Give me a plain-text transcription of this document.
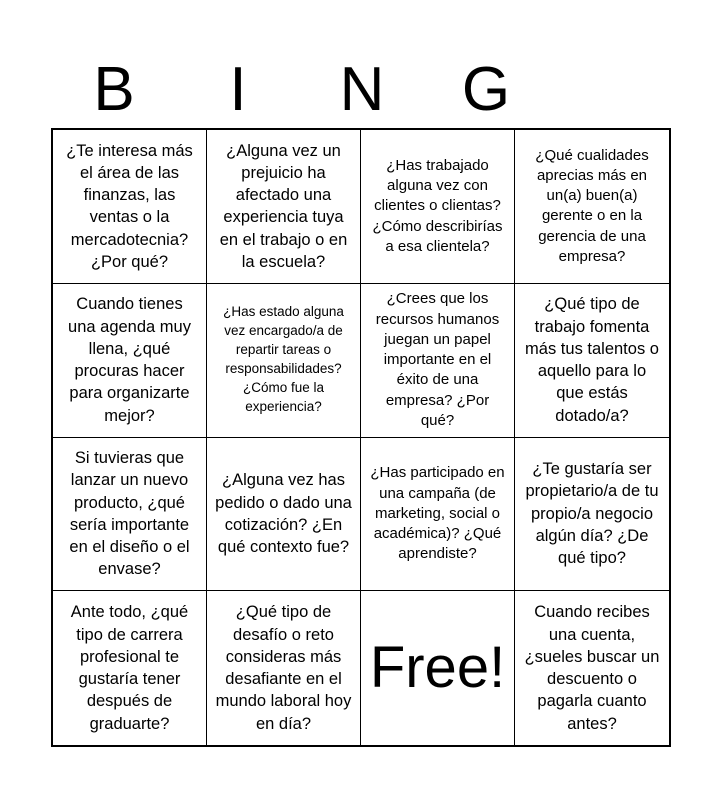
B	I	N	G
¿Te interesa más el área de las finanzas, las ventas o la mercadotecnia? ¿Por qué?
¿Alguna vez un prejuicio ha afectado una experiencia tuya en el trabajo o en la escuela?
¿Has trabajado alguna vez con clientes o clientas? ¿Cómo describirías a esa clientela?
¿Qué cualidades aprecias más en un(a) buen(a) gerente o en la gerencia de una empresa?
Cuando tienes una agenda muy llena, ¿qué procuras hacer para organizarte mejor?
¿Has estado alguna vez encargado/a de repartir tareas o responsabilidades? ¿Cómo fue la experiencia?
¿Crees que los recursos humanos juegan un papel importante en el éxito de una empresa? ¿Por qué?
¿Qué tipo de trabajo fomenta más tus talentos o aquello para lo que estás dotado/a?
Si tuvieras que lanzar un nuevo producto, ¿qué sería importante en el diseño o el envase?
¿Alguna vez has pedido o dado una cotización? ¿En qué contexto fue?
¿Has participado en una campaña (de marketing, social o académica)? ¿Qué aprendiste?
¿Te gustaría ser propietario/a de tu propio/a negocio algún día? ¿De qué tipo?
Ante todo, ¿qué tipo de carrera profesional te gustaría tener después de graduarte?
¿Qué tipo de desafío o reto consideras más desafiante en el mundo laboral hoy en día?
Free!
Cuando recibes una cuenta, ¿sueles buscar un descuento o pagarla cuanto antes?
